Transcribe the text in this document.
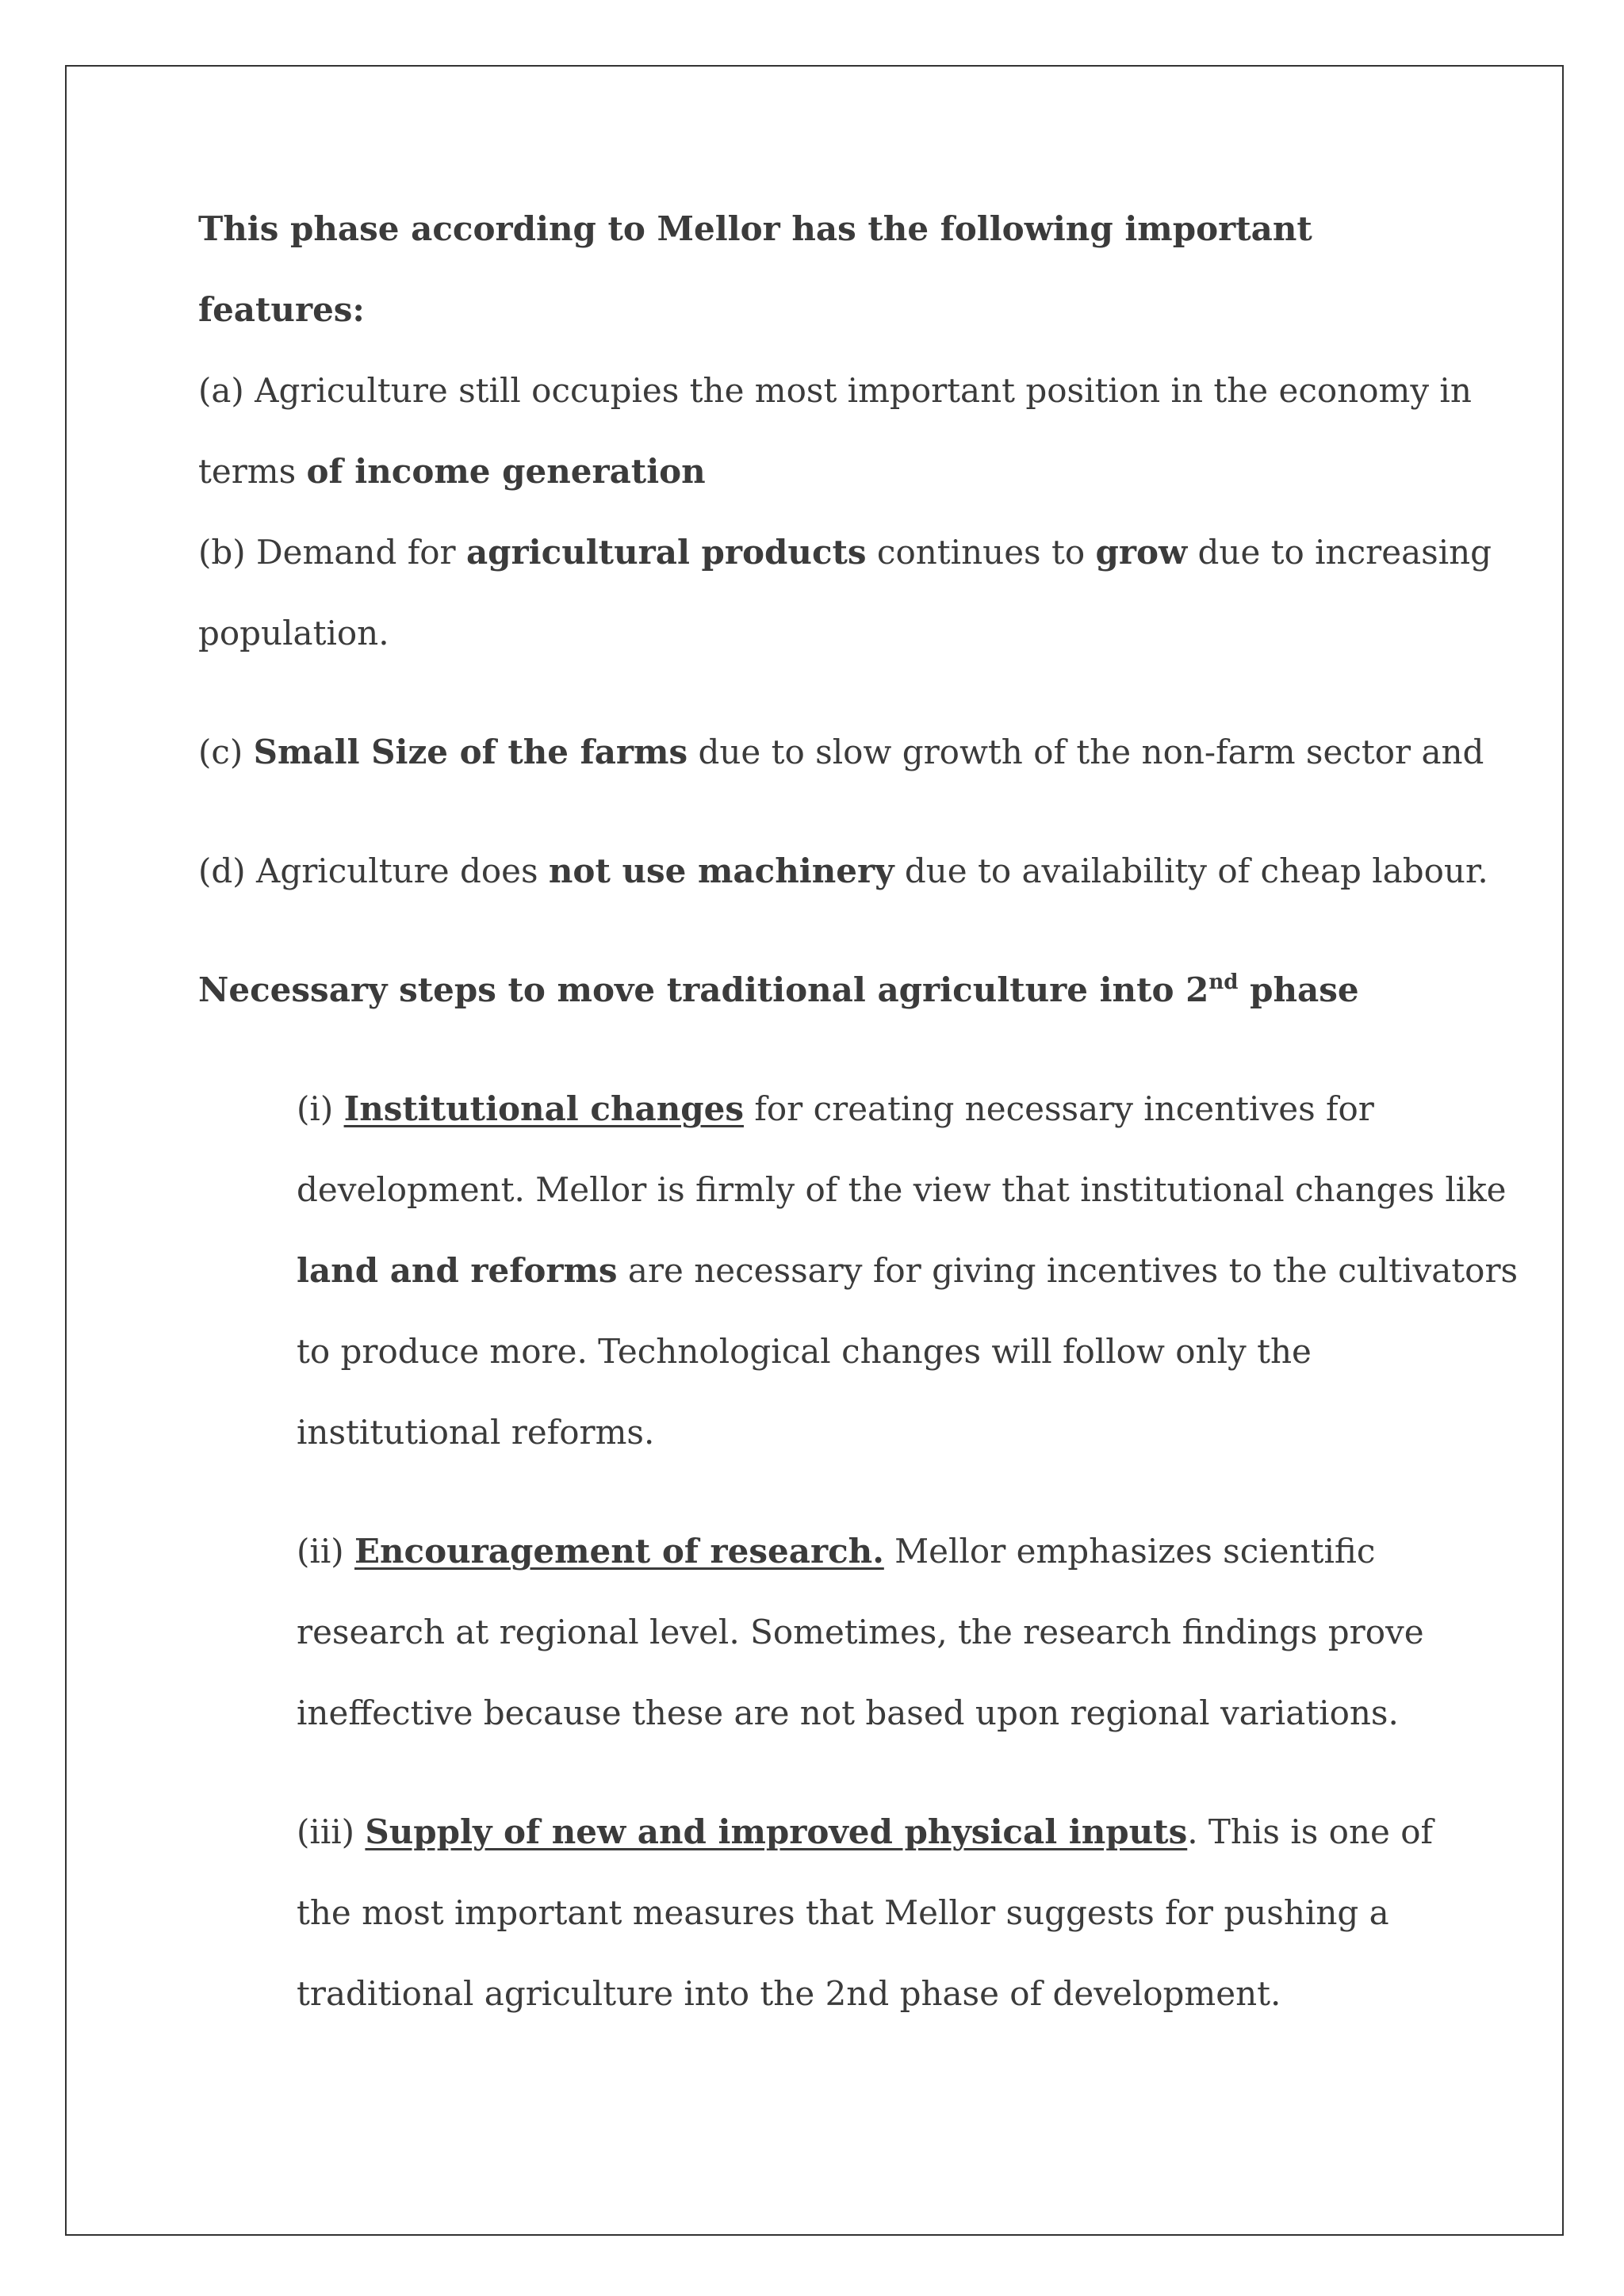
This phase according to Mellor has the following important
features:
(a) Agriculture still occupies the most important position in the economy in
terms of income generation
(b) Demand for agricultural products continues to grow due to increasing
population.
(c) Small Size of the farms due to slow growth of the non-farm sector and
(d) Agriculture does not use machinery due to availability of cheap labour.
Necessary steps to move traditional agriculture into 2nd phase
(i) Institutional changes for creating necessary incentives for
development. Mellor is firmly of the view that institutional changes like
land and reforms are necessary for giving incentives to the cultivators
to produce more. Technological changes will follow only the
institutional reforms.
(ii) Encouragement of research. Mellor emphasizes scientific
research at regional level. Sometimes, the research findings prove
ineffective because these are not based upon regional variations.
(iii) Supply of new and improved physical inputs. This is one of
the most important measures that Mellor suggests for pushing a
traditional agriculture into the 2nd phase of development.
